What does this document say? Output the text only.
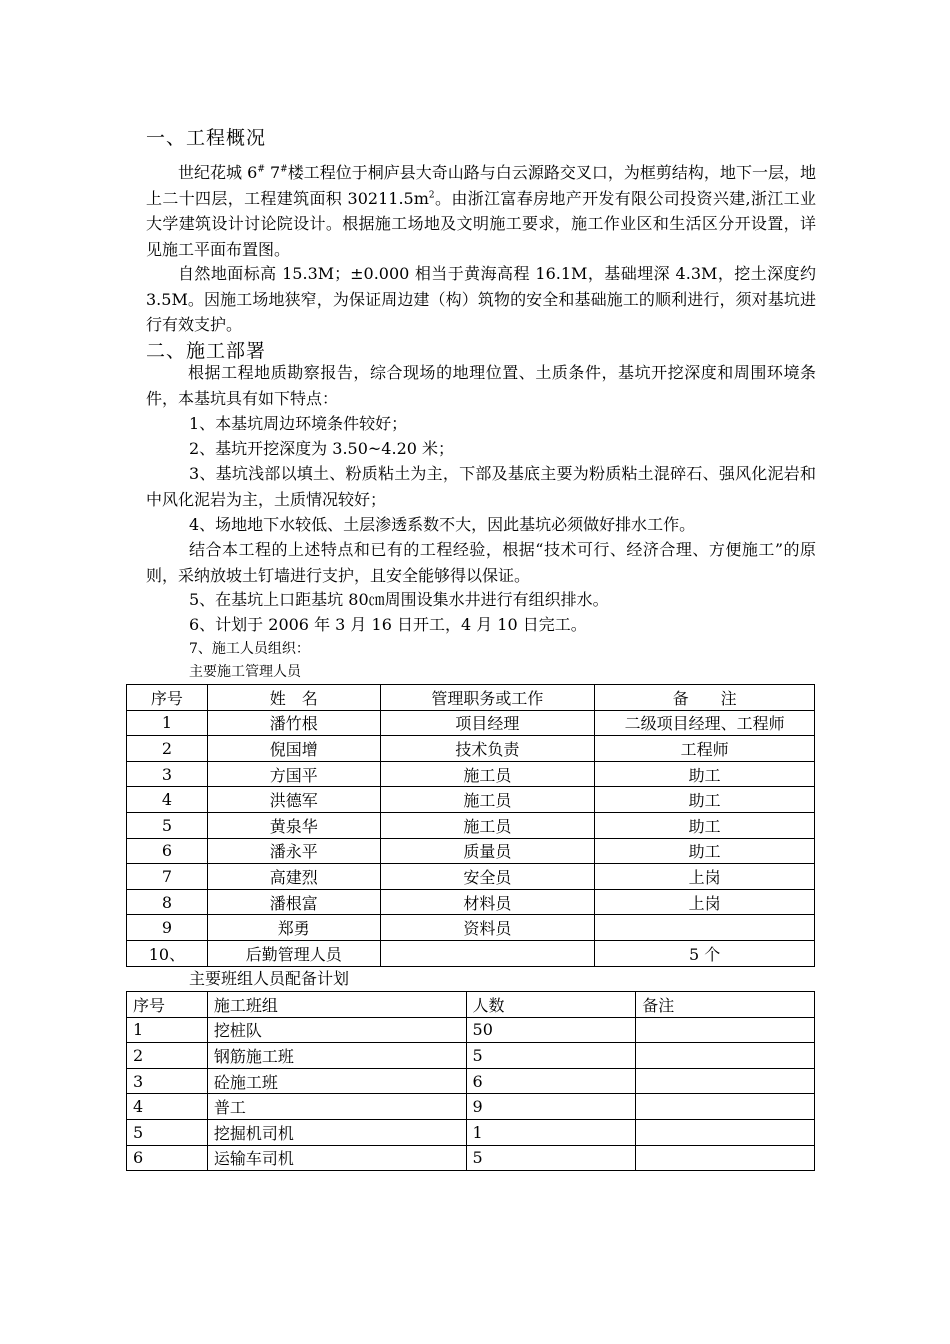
一、工程概况
世纪花城 6# 7#楼工程位于桐庐县大奇山路与白云源路交叉口，为框剪结构，地下一层，地上二十四层，工程建筑面积 $30211.5m^2$。由浙江富春房地产开发有限公司投资兴建,浙江工业大学建筑设计讨论院设计。根据施工场地及文明施工要求，施工作业区和生活区分开设置，详见施工平面布置图。
自然地面标高 15.3M；±0.000 相当于黄海高程 16.1M，基础埋深 4.3M，挖土深度约 3.5M。因施工场地狭窄，为保证周边建（构）筑物的安全和基础施工的顺利进行，须对基坑进行有效支护。
二、施工部署
根据工程地质勘察报告，综合现场的地理位置、土质条件，基坑开挖深度和周围环境条件，本基坑具有如下特点：
1、本基坑周边环境条件较好；
2、基坑开挖深度为 3.50~4.20 米；
3、基坑浅部以填土、粉质粘土为主，下部及基底主要为粉质粘土混碎石、强风化泥岩和中风化泥岩为主，土质情况较好；
4、场地地下水较低、土层渗透系数不大，因此基坑必须做好排水工作。
结合本工程的上述特点和已有的工程经验，根据“技术可行、经济合理、方便施工”的原则，采纳放坡土钉墙进行支护，且安全能够得以保证。
5、在基坑上口距基坑 80㎝周围设集水井进行有组织排水。
6、计划于 2006 年 3 月 16 日开工，4 月 10 日完工。
7、施工人员组织：
主要施工管理人员
序号	姓　名	管理职务或工作	备　　注
1	潘竹根	项目经理	二级项目经理、工程师
2	倪国增	技术负责	工程师
3	方国平	施工员	助工
4	洪德军	施工员	助工
5	黄泉华	施工员	助工
6	潘永平	质量员	助工
7	高建烈	安全员	上岗
8	潘根富	材料员	上岗
9	郑勇	资料员	
10、	后勤管理人员		5 个
主要班组人员配备计划
序号	施工班组	人数	备注
1	挖桩队	50	
2	钢筋施工班	5	
3	砼施工班	6	
4	普工	9	
5	挖掘机司机	1	
6	运输车司机	5	
